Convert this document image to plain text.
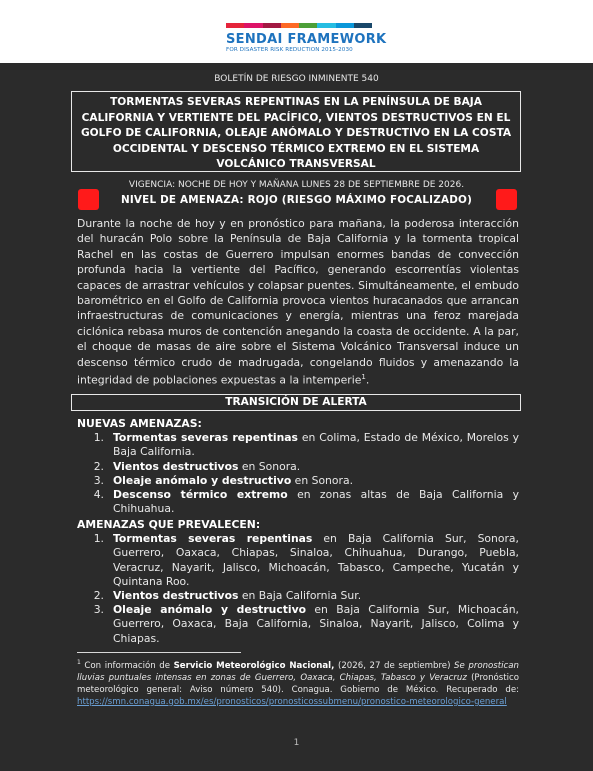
SENDAI FRAMEWORK
FOR DISASTER RISK REDUCTION 2015-2030
BOLETÍN DE RIESGO INMINENTE 540

TORMENTAS SEVERAS REPENTINAS EN LA PENÍNSULA DE BAJA CALIFORNIA Y VERTIENTE DEL PACÍFICO, VIENTOS DESTRUCTIVOS EN EL GOLFO DE CALIFORNIA, OLEAJE ANÓMALO Y DESTRUCTIVO EN LA COSTA OCCIDENTAL Y DESCENSO TÉRMICO EXTREMO EN EL SISTEMA VOLCÁNICO TRANSVERSAL

VIGENCIA: NOCHE DE HOY Y MAÑANA LUNES 28 DE SEPTIEMBRE DE 2026.
NIVEL DE AMENAZA: ROJO (RIESGO MÁXIMO FOCALIZADO)
Durante la noche de hoy y en pronóstico para mañana, la poderosa interacción del huracán Polo sobre la Península de Baja California y la tormenta tropical Rachel en las costas de Guerrero impulsan enormes bandas de convección profunda hacia la vertiente del Pacífico, generando escorrentías violentas capaces de arrastrar vehículos y colapsar puentes. Simultáneamente, el embudo barométrico en el Golfo de California provoca vientos huracanados que arrancan infraestructuras de comunicaciones y energía, mientras una feroz marejada ciclónica rebasa muros de contención anegando la coasta de occidente. A la par, el choque de masas de aire sobre el Sistema Volcánico Transversal induce un descenso térmico crudo de madrugada, congelando fluidos y amenazando la integridad de poblaciones expuestas a la intemperie$^1$.
TRANSICIÓN DE ALERTA
NUEVAS AMENAZAS:
1. Tormentas severas repentinas en Colima, Estado de México, Morelos y Baja California.
2. Vientos destructivos en Sonora.
3. Oleaje anómalo y destructivo en Sonora.
4. Descenso térmico extremo en zonas altas de Baja California y Chihuahua.
AMENAZAS QUE PREVALECEN:
1. Tormentas severas repentinas en Baja California Sur, Sonora, Guerrero, Oaxaca, Chiapas, Sinaloa, Chihuahua, Durango, Puebla, Veracruz, Nayarit, Jalisco, Michoacán, Tabasco, Campeche, Yucatán y Quintana Roo.
2. Vientos destructivos en Baja California Sur.
3. Oleaje anómalo y destructivo en Baja California Sur, Michoacán, Guerrero, Oaxaca, Baja California, Sinaloa, Nayarit, Jalisco, Colima y Chiapas.
$^1$ Con información de Servicio Meteorológico Nacional, (2026, 27 de septiembre) Se pronostican lluvias puntuales intensas en zonas de Guerrero, Oaxaca, Chiapas, Tabasco y Veracruz (Pronóstico meteorológico general: Aviso número 540). Conagua. Gobierno de México. Recuperado de: https://smn.conagua.gob.mx/es/pronosticos/pronosticossubmenu/pronostico-meteorologico-general
1
